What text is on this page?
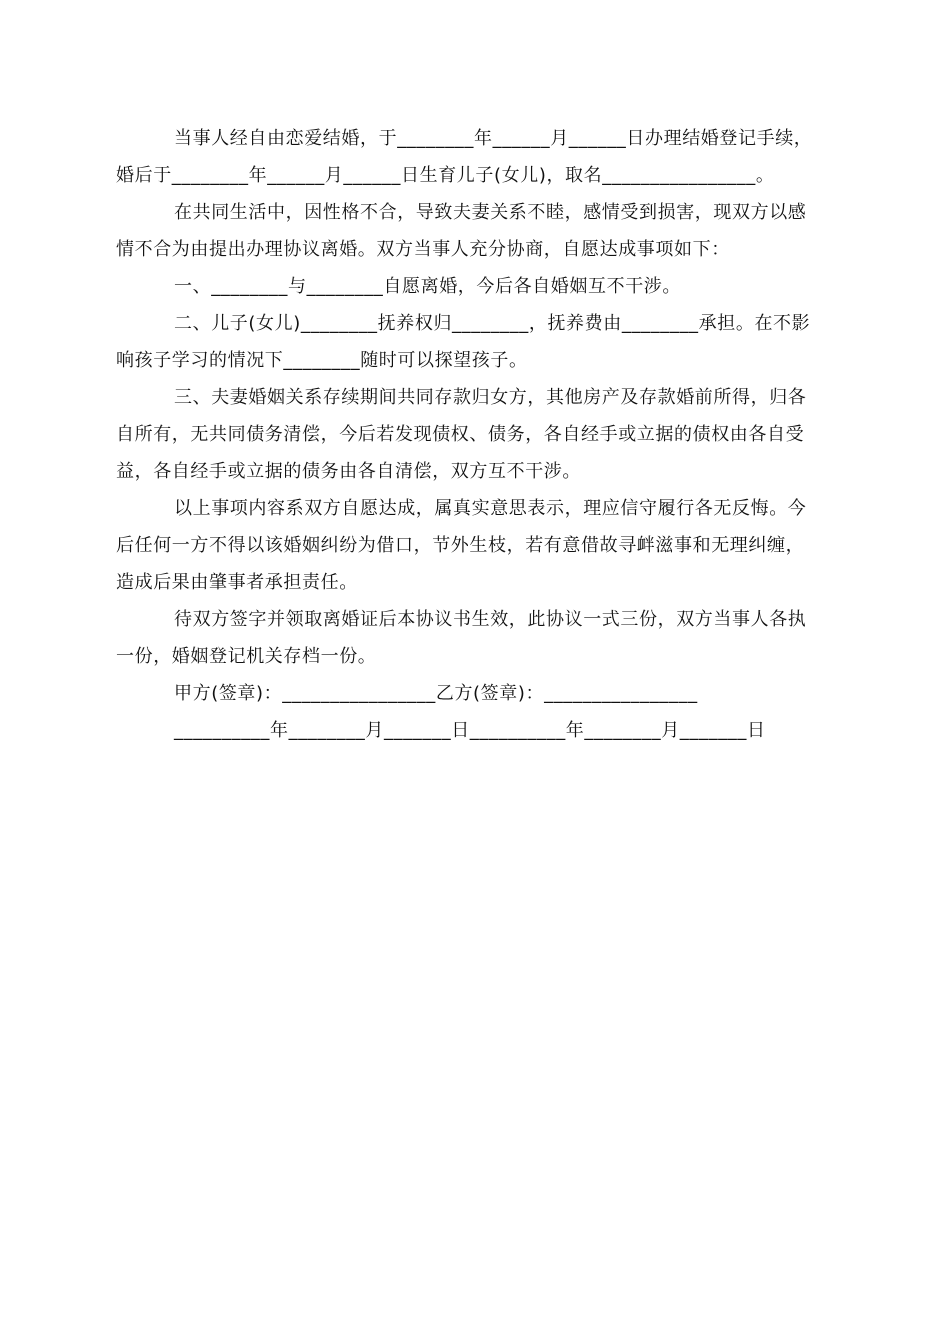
当事人经自由恋爱结婚，于________年______月______日办理结婚登记手续，
婚后于________年______月______日生育儿子(女儿)，取名________________。
在共同生活中，因性格不合，导致夫妻关系不睦，感情受到损害，现双方以感
情不合为由提出办理协议离婚。双方当事人充分协商，自愿达成事项如下：
一、________与________自愿离婚，今后各自婚姻互不干涉。
二、儿子(女儿)________抚养权归________，抚养费由________承担。在不影
响孩子学习的情况下________随时可以探望孩子。
三、夫妻婚姻关系存续期间共同存款归女方，其他房产及存款婚前所得，归各
自所有，无共同债务清偿，今后若发现债权、债务，各自经手或立据的债权由各自受
益，各自经手或立据的债务由各自清偿，双方互不干涉。
以上事项内容系双方自愿达成，属真实意思表示，理应信守履行各无反悔。今
后任何一方不得以该婚姻纠纷为借口，节外生枝，若有意借故寻衅滋事和无理纠缠，
造成后果由肇事者承担责任。
待双方签字并领取离婚证后本协议书生效，此协议一式三份，双方当事人各执
一份，婚姻登记机关存档一份。
甲方(签章)：________________乙方(签章)：________________
__________年________月_______日__________年________月_______日
